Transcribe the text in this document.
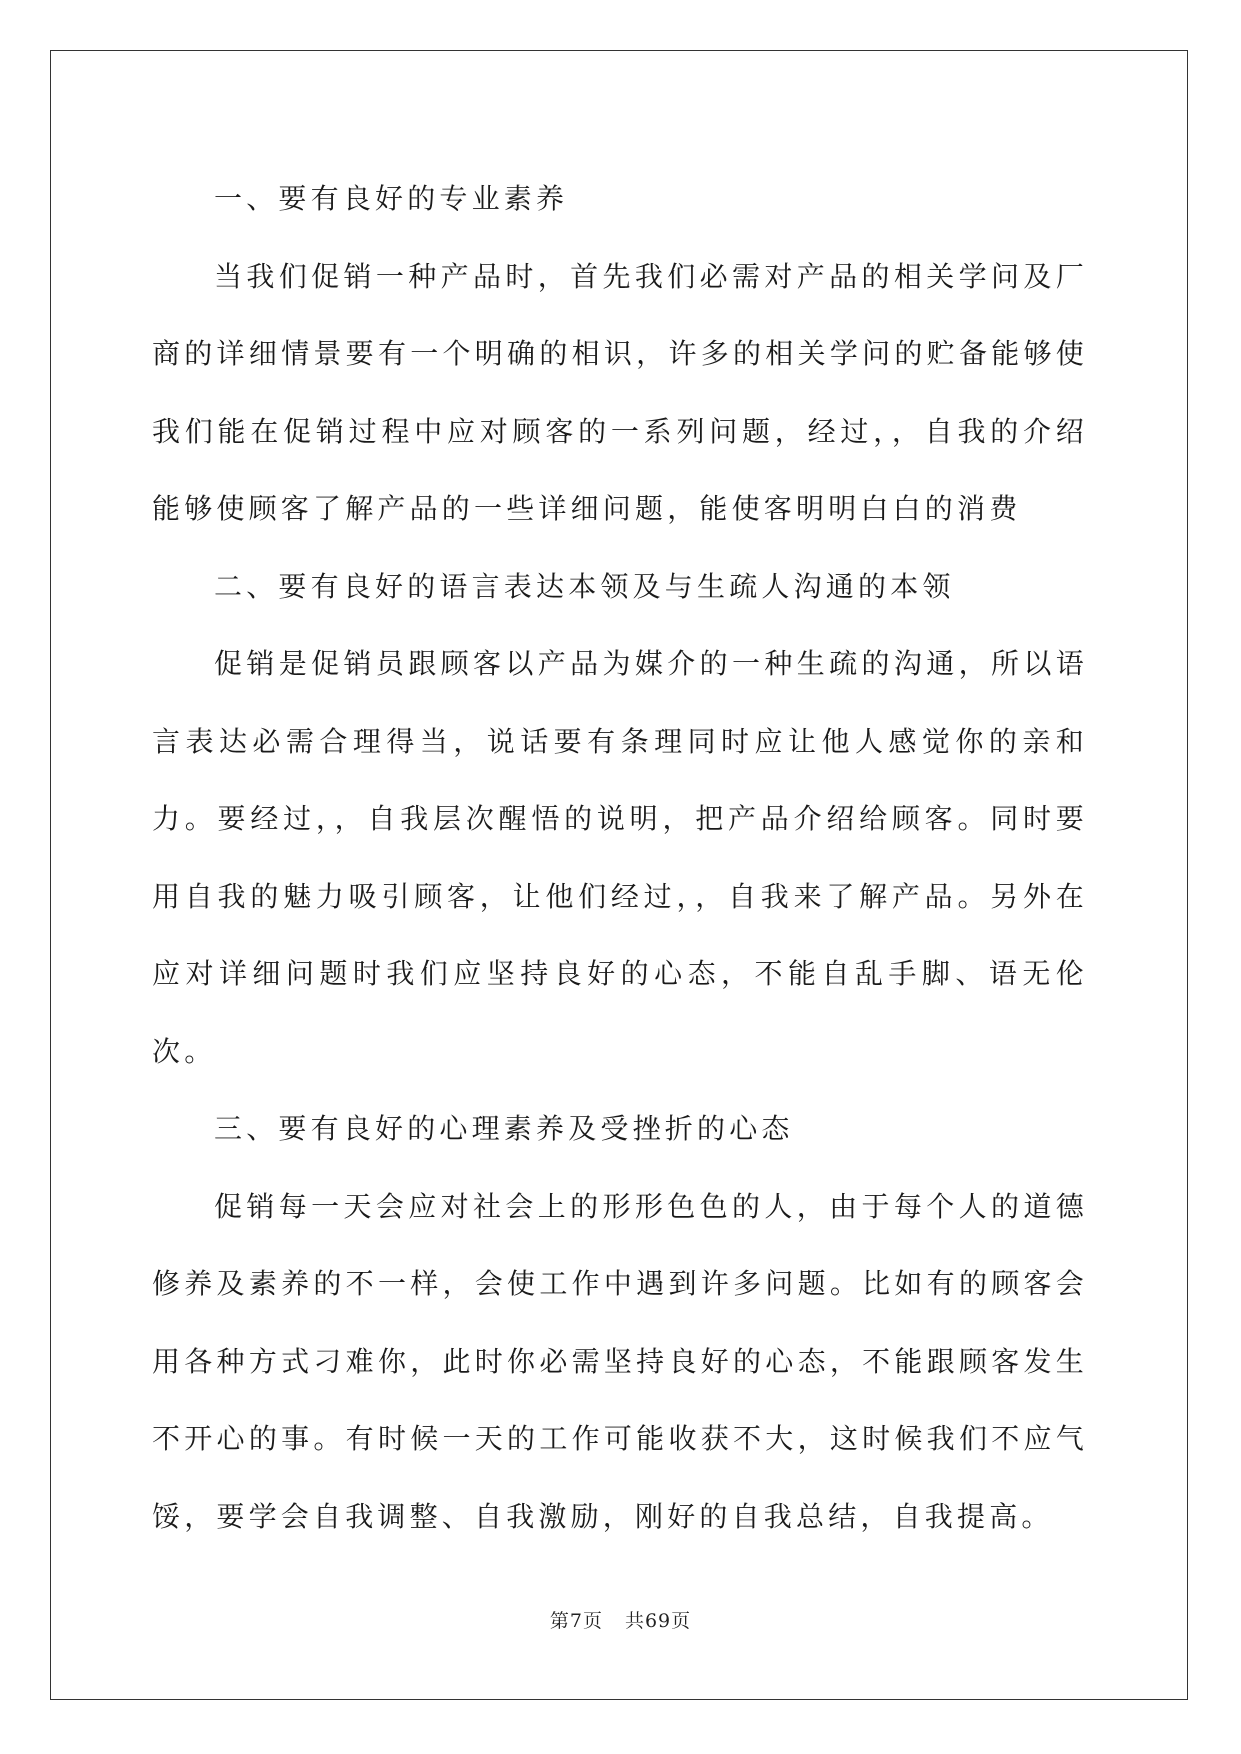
一、要有良好的专业素养

当我们促销一种产品时，首先我们必需对产品的相关学问及厂商的详细情景要有一个明确的相识，许多的相关学问的贮备能够使我们能在促销过程中应对顾客的一系列问题，经过，，自我的介绍能够使顾客了解产品的一些详细问题，能使客明明白白的消费

二、要有良好的语言表达本领及与生疏人沟通的本领

促销是促销员跟顾客以产品为媒介的一种生疏的沟通，所以语言表达必需合理得当，说话要有条理同时应让他人感觉你的亲和力。要经过，，自我层次醒悟的说明，把产品介绍给顾客。同时要用自我的魅力吸引顾客，让他们经过，，自我来了解产品。另外在应对详细问题时我们应坚持良好的心态，不能自乱手脚、语无伦次。

三、要有良好的心理素养及受挫折的心态

促销每一天会应对社会上的形形色色的人，由于每个人的道德修养及素养的不一样，会使工作中遇到许多问题。比如有的顾客会用各种方式刁难你，此时你必需坚持良好的心态，不能跟顾客发生不开心的事。有时候一天的工作可能收获不大，这时候我们不应气馁，要学会自我调整、自我激励，刚好的自我总结，自我提高。

第7页 共69页
